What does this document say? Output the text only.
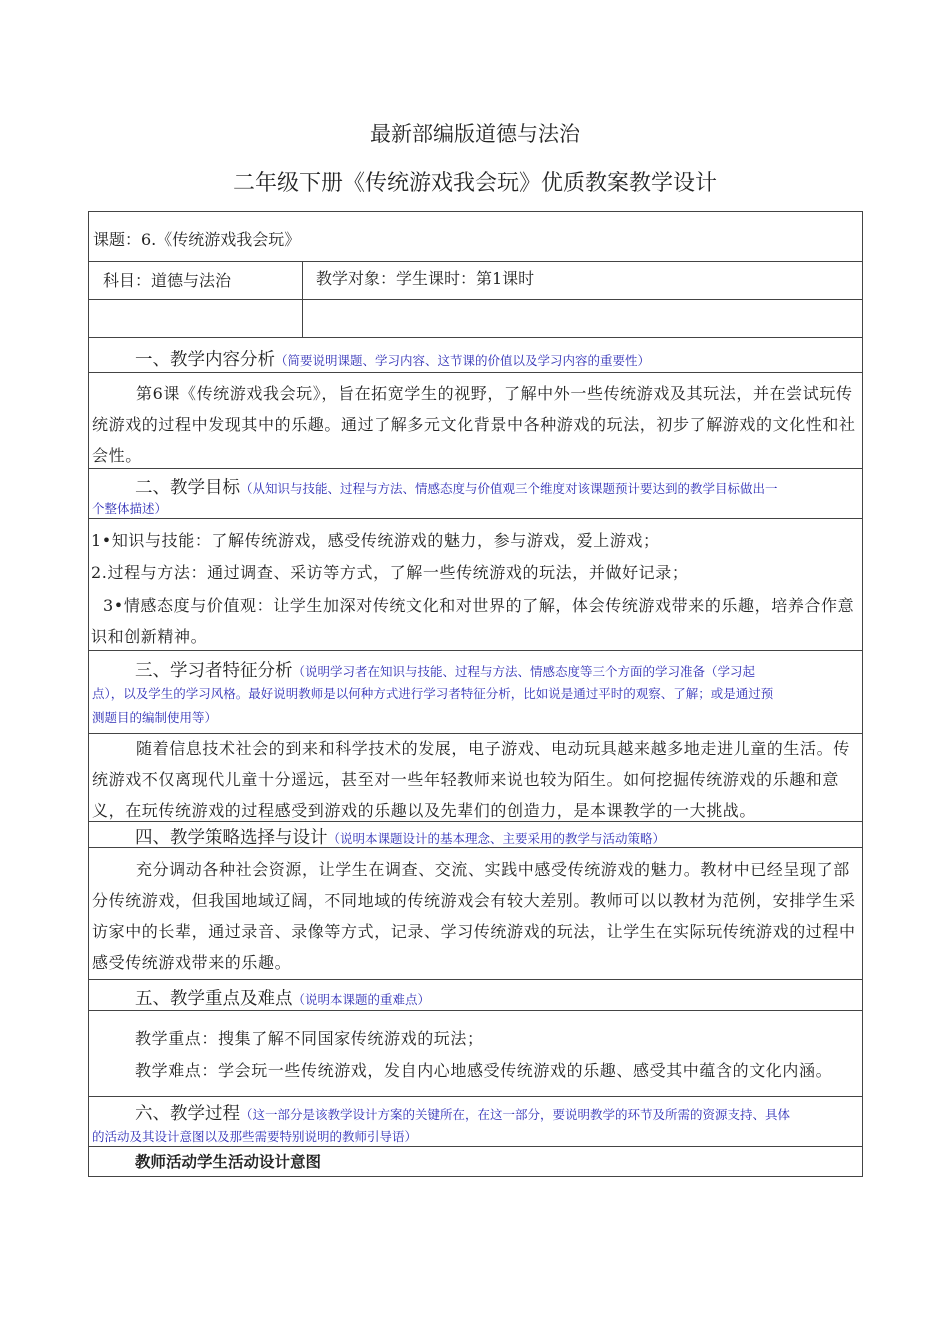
最新部编版道德与法治
二年级下册《传统游戏我会玩》优质教案教学设计
课题：6.《传统游戏我会玩》
科目：道德与法治	教学对象：学生课时：第1课时
一、教学内容分析（简要说明课题、学习内容、这节课的价值以及学习内容的重要性）
第6课《传统游戏我会玩》，旨在拓宽学生的视野，了解中外一些传统游戏及其玩法，并在尝试玩传统游戏的过程中发现其中的乐趣。通过了解多元文化背景中各种游戏的玩法，初步了解游戏的文化性和社会性。
二、教学目标（从知识与技能、过程与方法、情感态度与价值观三个维度对该课题预计要达到的教学目标做出一
个整体描述）
1•知识与技能：了解传统游戏，感受传统游戏的魅力，参与游戏，爱上游戏；
2.过程与方法：通过调查、采访等方式，了解一些传统游戏的玩法，并做好记录；
3•情感态度与价值观：让学生加深对传统文化和对世界的了解，体会传统游戏带来的乐趣，培养合作意识和创新精神。
三、学习者特征分析（说明学习者在知识与技能、过程与方法、情感态度等三个方面的学习准备（学习起
点），以及学生的学习风格。最好说明教师是以何种方式进行学习者特征分析，比如说是通过平时的观察、了解；或是通过预
测题目的编制使用等）
随着信息技术社会的到来和科学技术的发展，电子游戏、电动玩具越来越多地走进儿童的生活。传统游戏不仅离现代儿童十分遥远，甚至对一些年轻教师来说也较为陌生。如何挖掘传统游戏的乐趣和意义，在玩传统游戏的过程感受到游戏的乐趣以及先辈们的创造力，是本课教学的一大挑战。
四、教学策略选择与设计（说明本课题设计的基本理念、主要采用的教学与活动策略）
充分调动各种社会资源，让学生在调查、交流、实践中感受传统游戏的魅力。教材中已经呈现了部分传统游戏，但我国地域辽阔，不同地域的传统游戏会有较大差别。教师可以以教材为范例，安排学生采访家中的长辈，通过录音、录像等方式，记录、学习传统游戏的玩法，让学生在实际玩传统游戏的过程中感受传统游戏带来的乐趣。
五、教学重点及难点（说明本课题的重难点）
教学重点：搜集了解不同国家传统游戏的玩法；
教学难点：学会玩一些传统游戏，发自内心地感受传统游戏的乐趣、感受其中蕴含的文化内涵。
六、教学过程（这一部分是该教学设计方案的关键所在，在这一部分，要说明教学的环节及所需的资源支持、具体
的活动及其设计意图以及那些需要特别说明的教师引导语）
教师活动学生活动设计意图
